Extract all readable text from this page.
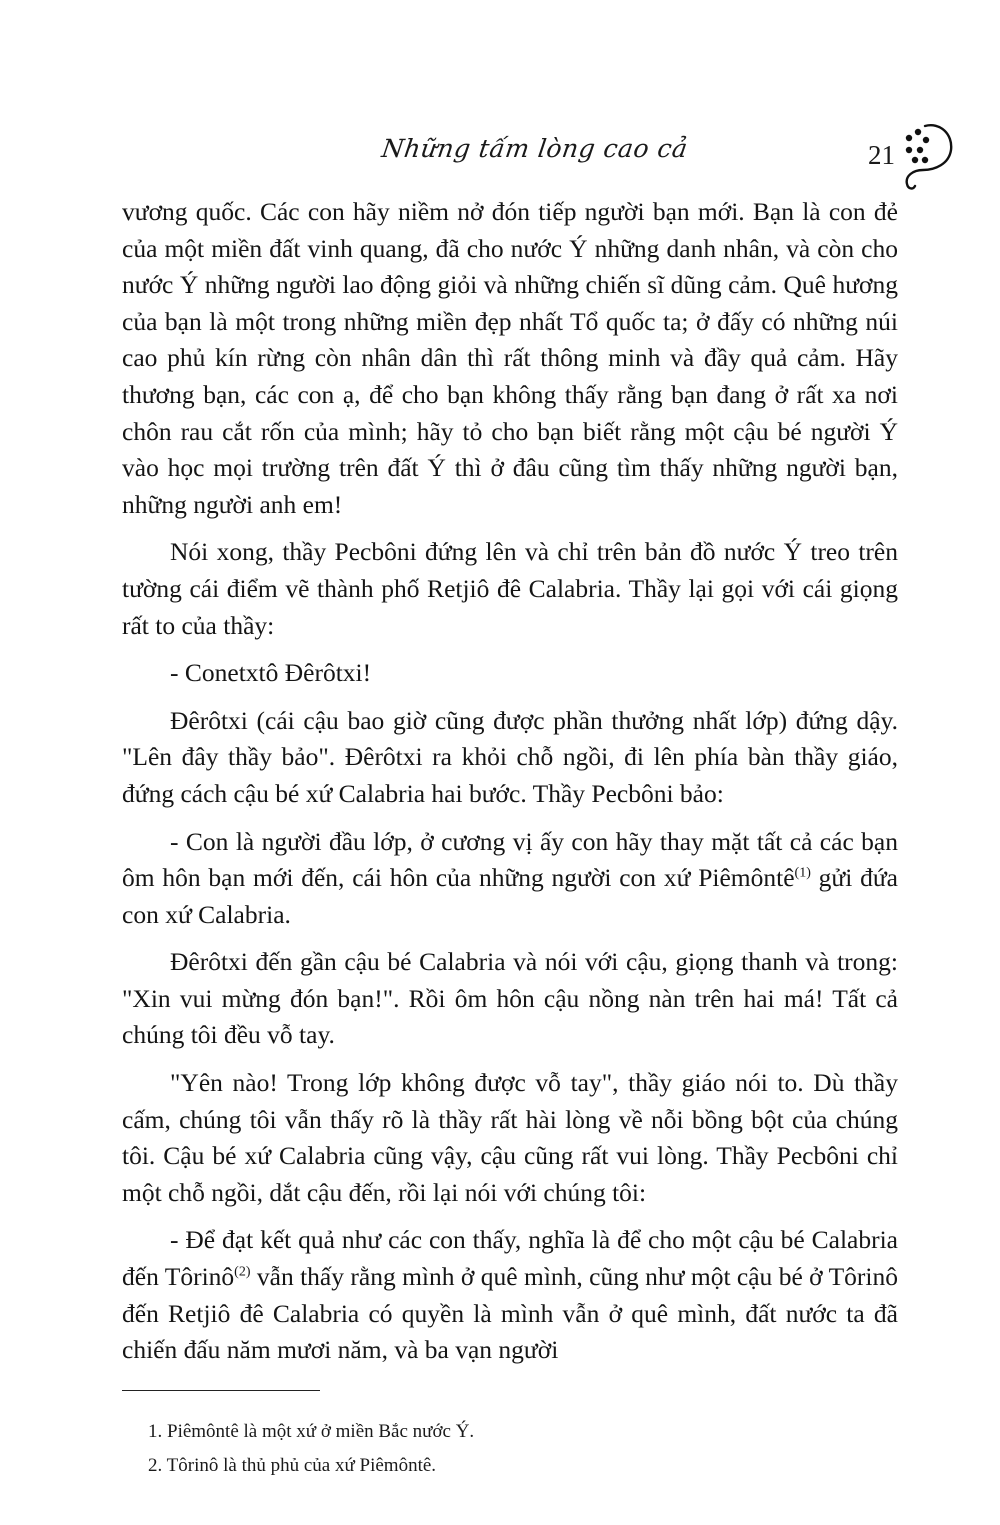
Những tấm lòng cao cả	21

vương quốc. Các con hãy niềm nở đón tiếp người bạn mới. Bạn là con đẻ của một miền đất vinh quang, đã cho nước Ý những danh nhân, và còn cho nước Ý những người lao động giỏi và những chiến sĩ dũng cảm. Quê hương của bạn là một trong những miền đẹp nhất Tổ quốc ta; ở đấy có những núi cao phủ kín rừng còn nhân dân thì rất thông minh và đầy quả cảm. Hãy thương bạn, các con ạ, để cho bạn không thấy rằng bạn đang ở rất xa nơi chôn rau cắt rốn của mình; hãy tỏ cho bạn biết rằng một cậu bé người Ý vào học mọi trường trên đất Ý thì ở đâu cũng tìm thấy những người bạn, những người anh em!

Nói xong, thầy Pecbôni đứng lên và chỉ trên bản đồ nước Ý treo trên tường cái điểm vẽ thành phố Retjiô đê Calabria. Thầy lại gọi với cái giọng rất to của thầy:

- Conetxtô Đêrôtxi!

Đêrôtxi (cái cậu bao giờ cũng được phần thưởng nhất lớp) đứng dậy. "Lên đây thầy bảo". Đêrôtxi ra khỏi chỗ ngồi, đi lên phía bàn thầy giáo, đứng cách cậu bé xứ Calabria hai bước. Thầy Pecbôni bảo:

- Con là người đầu lớp, ở cương vị ấy con hãy thay mặt tất cả các bạn ôm hôn bạn mới đến, cái hôn của những người con xứ Piêmôntê$^{(1)}$ gửi đứa con xứ Calabria.

Đêrôtxi đến gần cậu bé Calabria và nói với cậu, giọng thanh và trong: "Xin vui mừng đón bạn!". Rồi ôm hôn cậu nồng nàn trên hai má! Tất cả chúng tôi đều vỗ tay.

"Yên nào! Trong lớp không được vỗ tay", thầy giáo nói to. Dù thầy cấm, chúng tôi vẫn thấy rõ là thầy rất hài lòng về nỗi bồng bột của chúng tôi. Cậu bé xứ Calabria cũng vậy, cậu cũng rất vui lòng. Thầy Pecbôni chỉ một chỗ ngồi, dắt cậu đến, rồi lại nói với chúng tôi:

- Để đạt kết quả như các con thấy, nghĩa là để cho một cậu bé Calabria đến Tôrinô$^{(2)}$ vẫn thấy rằng mình ở quê mình, cũng như một cậu bé ở Tôrinô đến Retjiô đê Calabria có quyền là mình vẫn ở quê mình, đất nước ta đã chiến đấu năm mươi năm, và ba vạn người

1. Piêmôntê là một xứ ở miền Bắc nước Ý.
2. Tôrinô là thủ phủ của xứ Piêmôntê.
